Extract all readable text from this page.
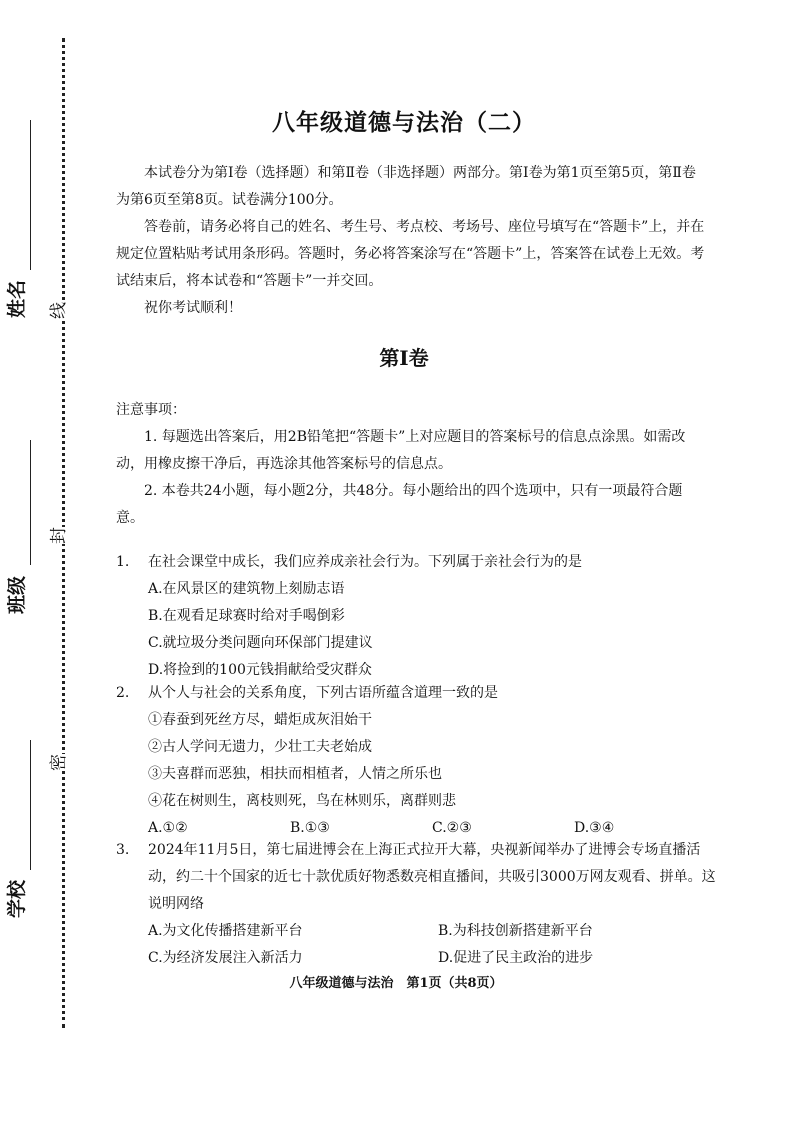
姓名
班级
学校
线
封
密
八年级道德与法治（二）

本试卷分为第Ⅰ卷（选择题）和第Ⅱ卷（非选择题）两部分。第Ⅰ卷为第1页至第5页，第Ⅱ卷为第6页至第8页。试卷满分100分。

答卷前，请务必将自己的姓名、考生号、考点校、考场号、座位号填写在“答题卡”上，并在规定位置粘贴考试用条形码。答题时，务必将答案涂写在“答题卡”上，答案答在试卷上无效。考试结束后，将本试卷和“答题卡”一并交回。

祝你考试顺利！

第Ⅰ卷

注意事项：

1. 每题选出答案后，用2B铅笔把“答题卡”上对应题目的答案标号的信息点涂黑。如需改动，用橡皮擦干净后，再选涂其他答案标号的信息点。

2. 本卷共24小题，每小题2分，共48分。每小题给出的四个选项中，只有一项最符合题意。

1.	在社会课堂中成长，我们应养成亲社会行为。下列属于亲社会行为的是
A.在风景区的建筑物上刻励志语
B.在观看足球赛时给对手喝倒彩
C.就垃圾分类问题向环保部门提建议
D.将捡到的100元钱捐献给受灾群众
2.	从个人与社会的关系角度，下列古语所蕴含道理一致的是
①春蚕到死丝方尽，蜡炬成灰泪始干
②古人学问无遗力，少壮工夫老始成
③夫喜群而恶独，相扶而相植者，人情之所乐也
④花在树则生，离枝则死，鸟在林则乐，离群则悲
A.①②	B.①③	C.②③	D.③④
3.	2024年11月5日，第七届进博会在上海正式拉开大幕，央视新闻举办了进博会专场直播活动，约二十个国家的近七十款优质好物悉数亮相直播间，共吸引3000万网友观看、拼单。这说明网络
A.为文化传播搭建新平台	B.为科技创新搭建新平台
C.为经济发展注入新活力	D.促进了民主政治的进步
八年级道德与法治　第1页（共8页）
